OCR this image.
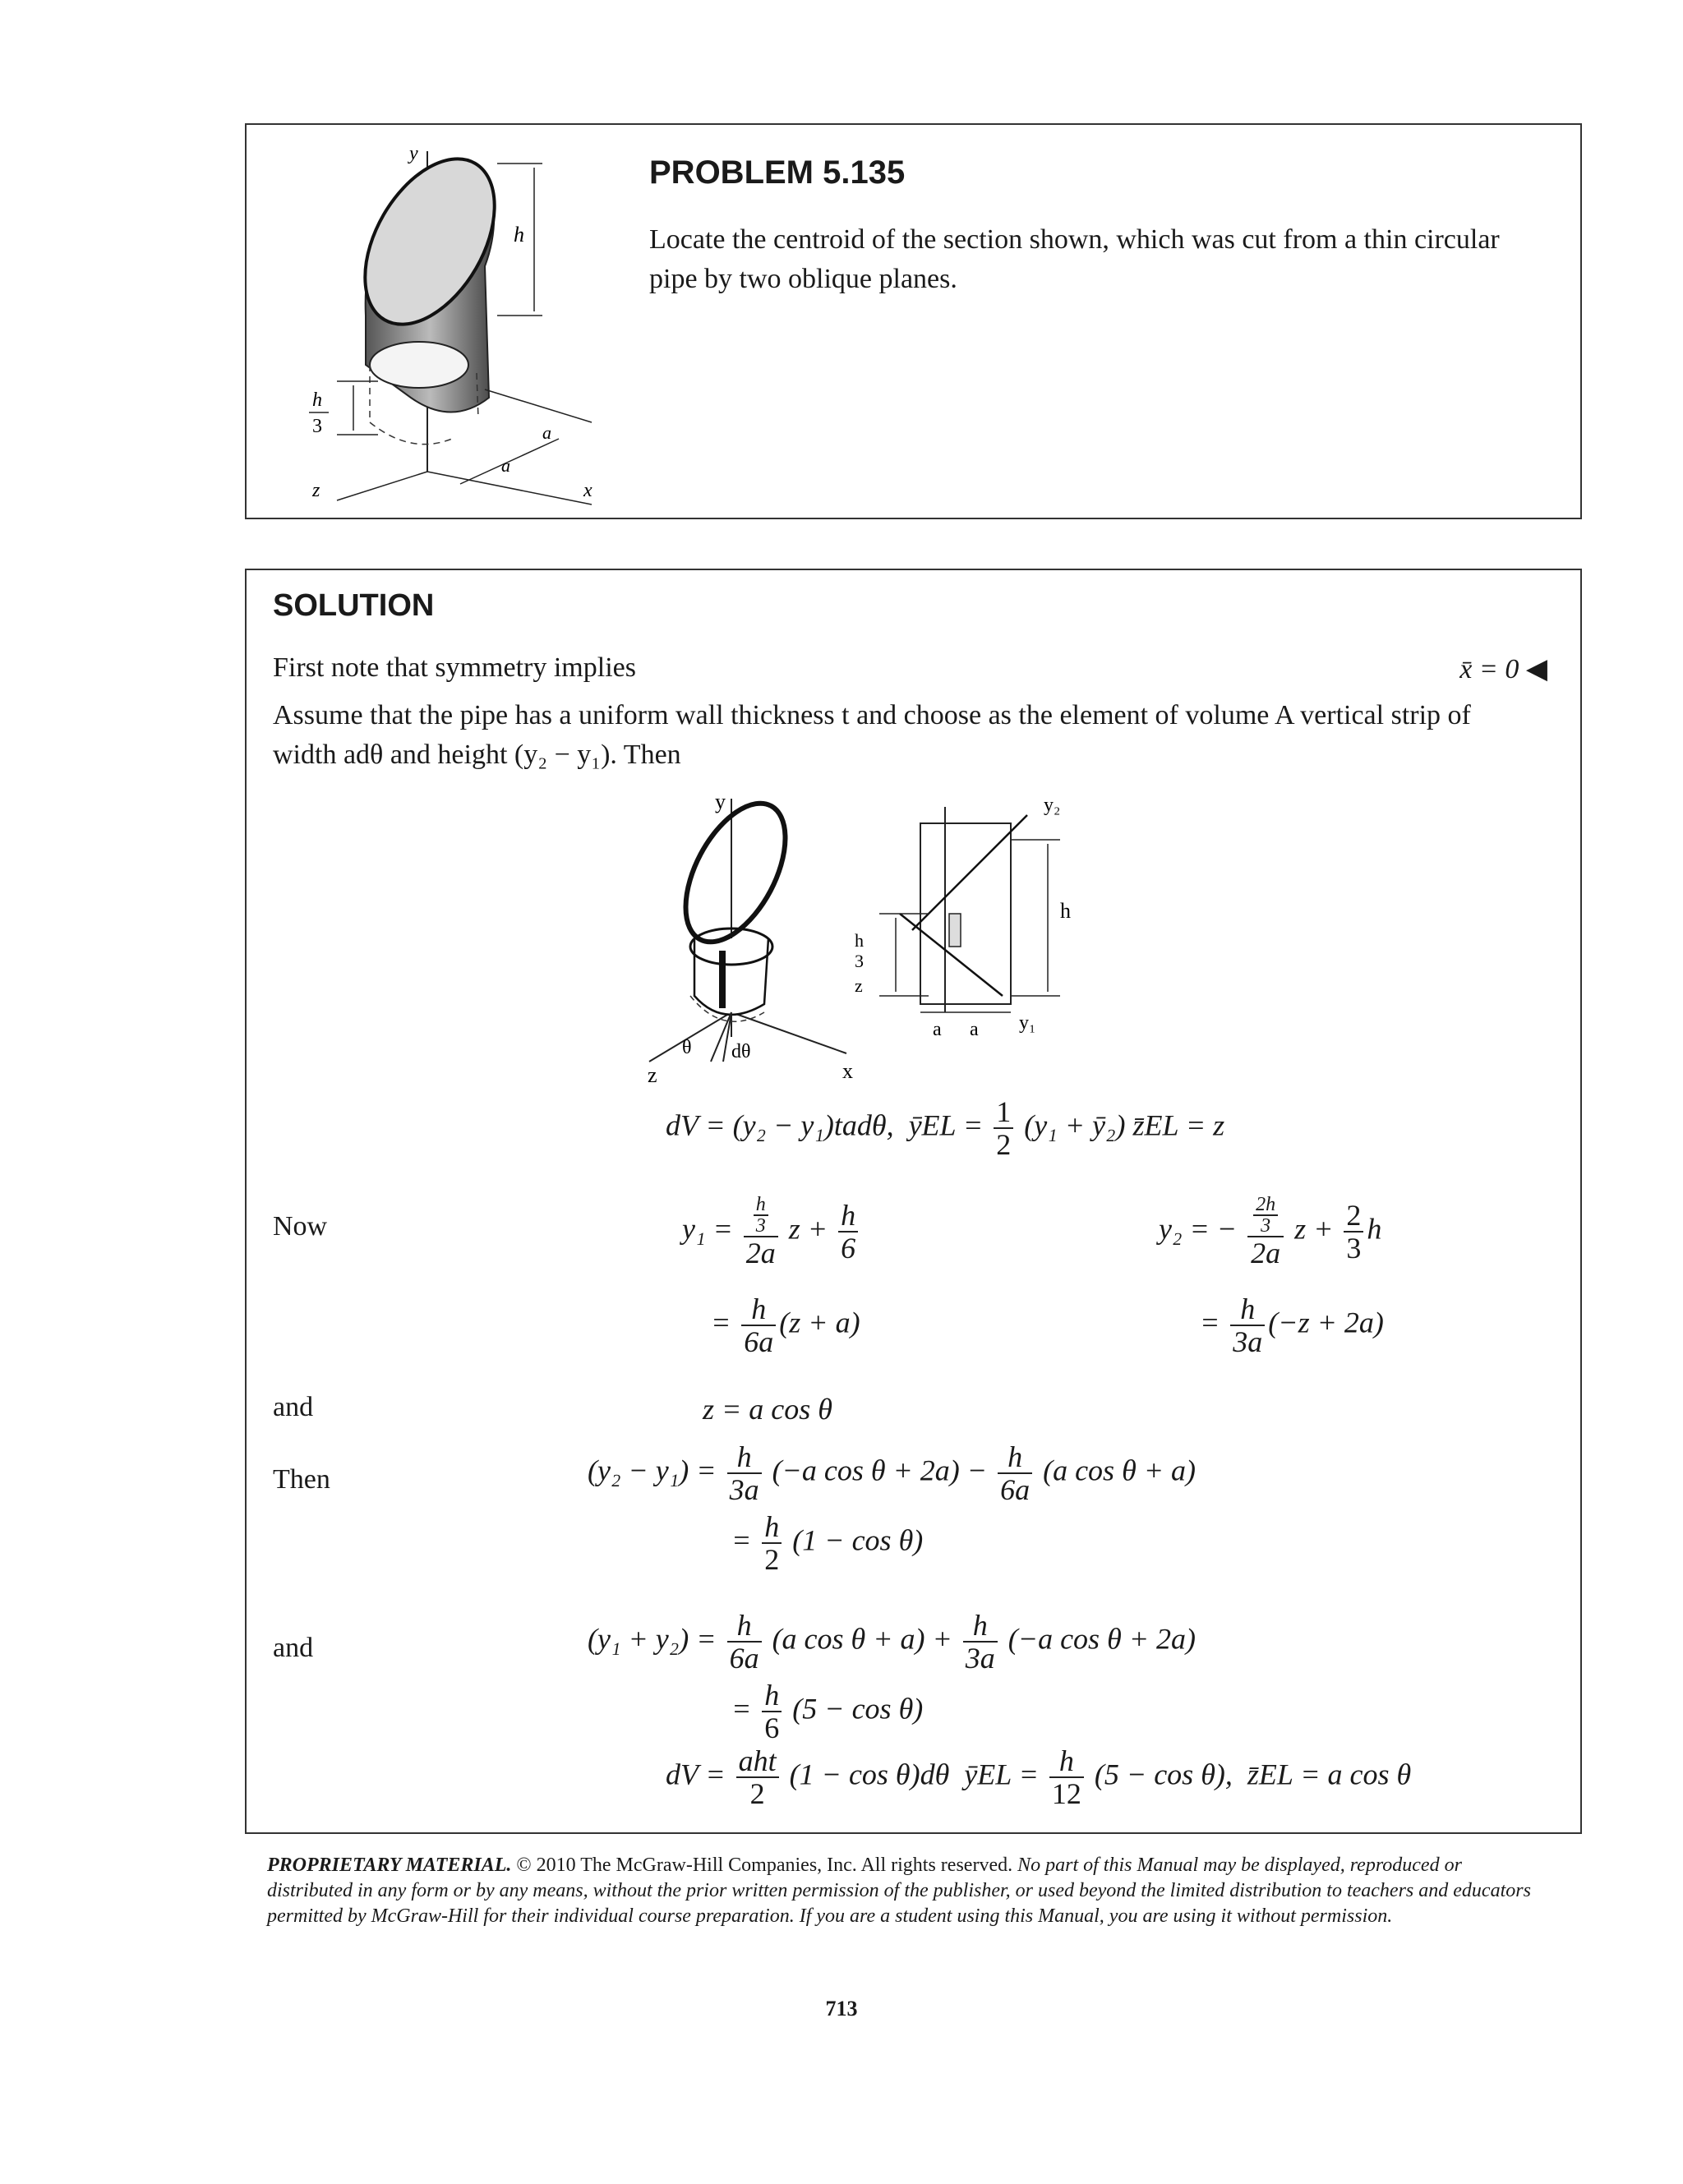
y
h
h
3
z	x
a
a
PROBLEM 5.135
Locate the centroid of the section shown, which was cut from a thin circular pipe by two oblique planes.
SOLUTION
First note that symmetry implies	x̄ = 0 ◀
Assume that the pipe has a uniform wall thickness t and choose as the element of volume A vertical strip of
width adθ and height (y₂ − y₁). Then
y
z	x
θ dθ
y₂
h
h
3
z
a a y₁
dV = (y₂ − y₁)tadθ, ȳEL = $\frac{1}{2} (y_1$ + ȳ₂) z̄EL = z
Now	$y_1 = \frac{\frac{h}{3}}{2a}$ $z + \frac{h}{6}$	y₂ = − $\frac{\frac{2h}{3}}{2a}$ $z + \frac{2}{3}$ h
= $\frac{h}{6a} (z + a)$	= $\frac{h}{3a} (-z + 2a)$
and	z = a cos θ
Then	$(y_2 - y_1) = \frac{h}{3a} (-a$ $\cos \theta + 2a) - \frac{h}{6a} (a$ cos θ + a)
= $\frac{h}{2} (1 - \cos \theta)$
and	$(y_1 + y_2) = \frac{h}{6a} (a$ $\cos \theta + a) + \frac{h}{3a} (-a$ cos θ + 2a)
= $\frac{h}{6} (5 - \cos \theta)$
dV = $\frac{\text{aht}}{2} (1 - \cos \theta)d\theta$ ȳEL = $\frac{h}{12} (5 - \cos \theta)$, z̄EL = a cos θ
PROPRIETARY MATERIAL. © 2010 The McGraw-Hill Companies, Inc. All rights reserved. No part of this Manual may be displayed, reproduced or distributed in any form or by any means, without the prior written permission of the publisher, or used beyond the limited distribution to teachers and educators permitted by McGraw-Hill for their individual course preparation. If you are a student using this Manual, you are using it without permission.
713
